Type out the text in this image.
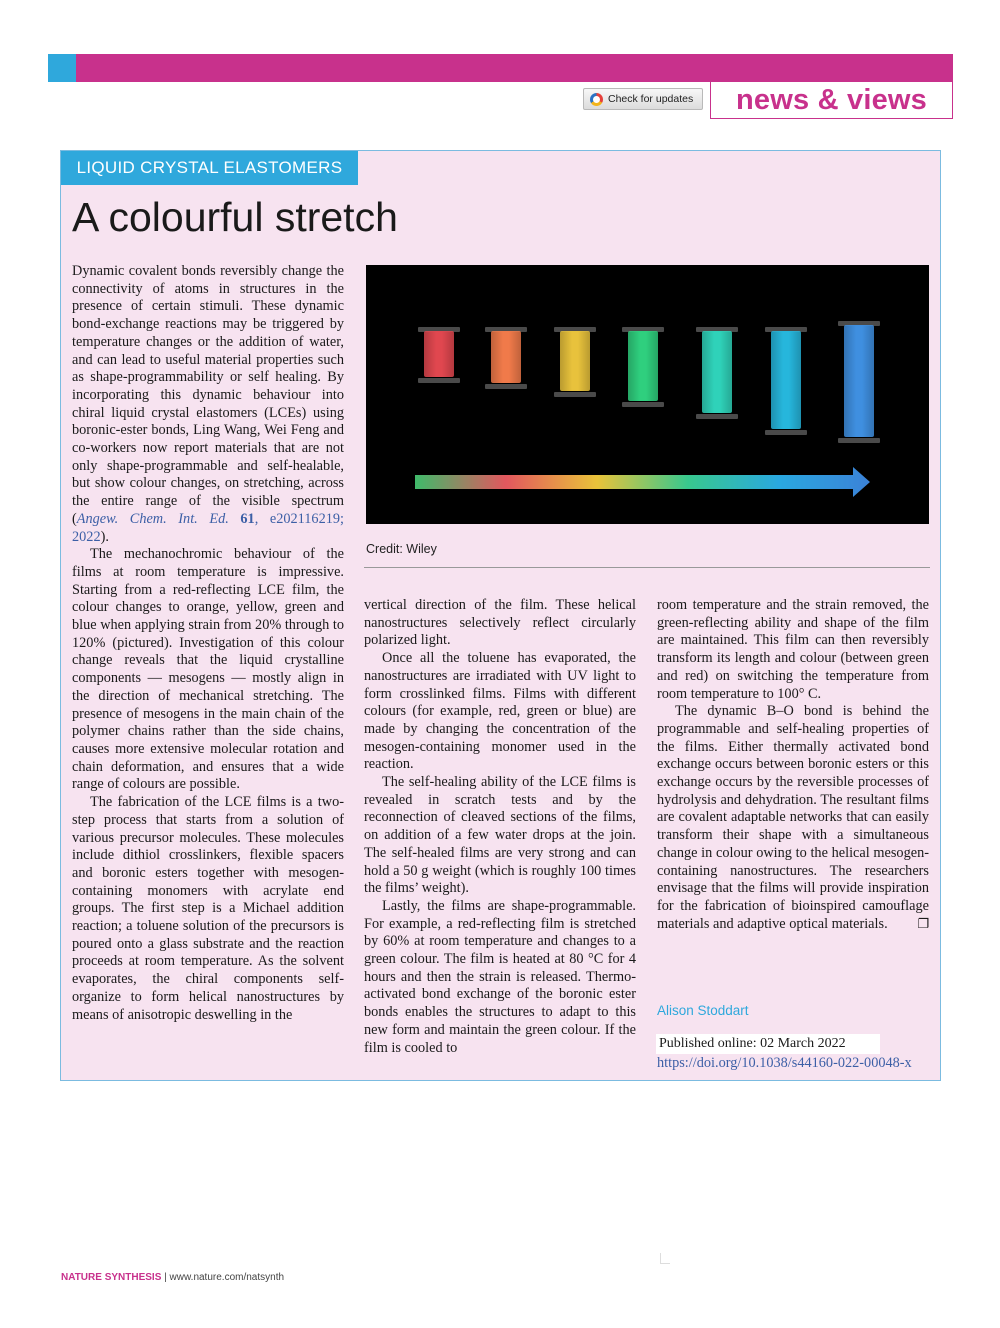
Check for updates news & views
LIQUID CRYSTAL ELASTOMERS
A colourful stretch

Dynamic covalent bonds reversibly change the connectivity of atoms in structures in the presence of certain stimuli. These dynamic bond-exchange reactions may be triggered by temperature changes or the addition of water, and can lead to useful material properties such as shape-programmability or self healing. By incorporating this dynamic behaviour into chiral liquid crystal elastomers (LCEs) using boronic-ester bonds, Ling Wang, Wei Feng and co-workers now report materials that are not only shape-programmable and self-healable, but show colour changes, on stretching, across the entire range of the visible spectrum (Angew. Chem. Int. Ed. 61, e202116219; 2022).

The mechanochromic behaviour of the films at room temperature is impressive. Starting from a red-reflecting LCE film, the colour changes to orange, yellow, green and blue when applying strain from 20% through to 120% (pictured). Investigation of this colour change reveals that the liquid crystalline components — mesogens — mostly align in the direction of mechanical stretching. The presence of mesogens in the main chain of the polymer chains rather than the side chains, causes more extensive molecular rotation and chain deformation, and ensures that a wide range of colours are possible.

The fabrication of the LCE films is a two-step process that starts from a solution of various precursor molecules. These molecules include dithiol crosslinkers, flexible spacers and boronic esters together with mesogen-containing monomers with acrylate end groups. The first step is a Michael addition reaction; a toluene solution of the precursors is poured onto a glass substrate and the reaction proceeds at room temperature. As the solvent evaporates, the chiral components self-organize to form helical nanostructures by means of anisotropic deswelling in the

Credit: Wiley

vertical direction of the film. These helical nanostructures selectively reflect circularly polarized light.

Once all the toluene has evaporated, the nanostructures are irradiated with UV light to form crosslinked films. Films with different colours (for example, red, green or blue) are made by changing the concentration of the mesogen-containing monomer used in the reaction.

The self-healing ability of the LCE films is revealed in scratch tests and by the reconnection of cleaved sections of the films, on addition of a few water drops at the join. The self-healed films are very strong and can hold a 50 g weight (which is roughly 100 times the films’ weight).

Lastly, the films are shape-programmable. For example, a red-reflecting film is stretched by 60% at room temperature and changes to a green colour. The film is heated at 80 °C for 4 hours and then the strain is released. Thermo-activated bond exchange of the boronic ester bonds enables the structures to adapt to this new form and maintain the green colour. If the film is cooled to

room temperature and the strain removed, the green-reflecting ability and shape of the film are maintained. This film can then reversibly transform its length and colour (between green and red) on switching the temperature from room temperature to 100° C.

The dynamic B–O bond is behind the programmable and self-healing properties of the films. Either thermally activated bond exchange occurs between boronic esters or this exchange occurs by the reversible processes of hydrolysis and dehydration. The resultant films are covalent adaptable networks that can easily transform their shape with a simultaneous change in colour owing to the helical mesogen-containing nanostructures. The researchers envisage that the films will provide inspiration for the fabrication of bioinspired camouflage materials and adaptive optical materials.	❐

Alison Stoddart
Published online: 02 March 2022
https://doi.org/10.1038/s44160-022-00048-x
NATURE SYNTHESIS | www.nature.com/natsynth
